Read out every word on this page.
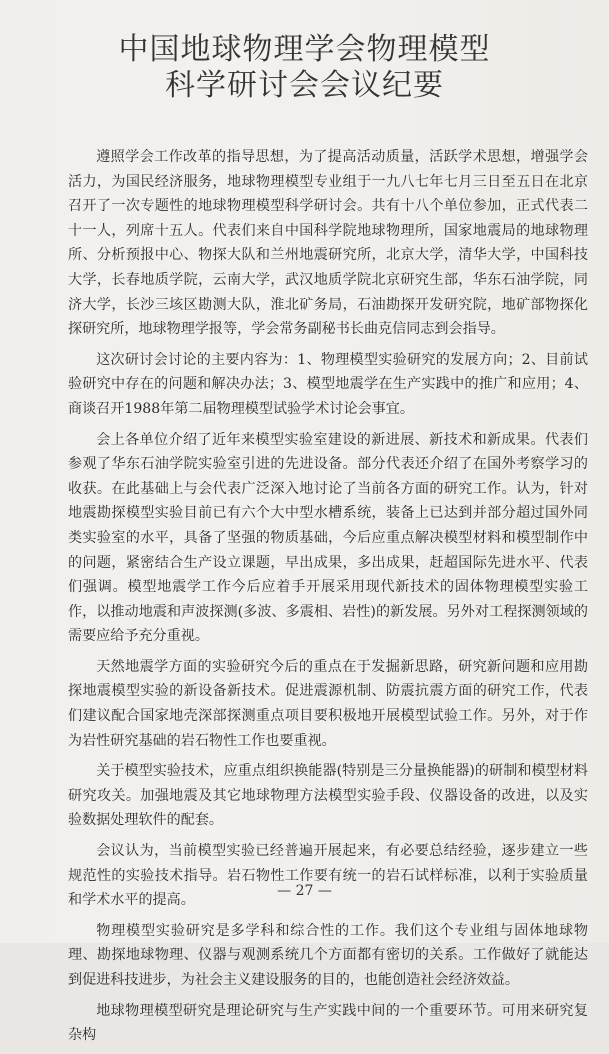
中国地球物理学会物理模型
科学研讨会会议纪要

遵照学会工作改革的指导思想，为了提高活动质量，活跃学术思想，增强学会活力，为国民经济服务，地球物理模型专业组于一九八七年七月三日至五日在北京召开了一次专题性的地球物理模型科学研讨会。共有十八个单位参加，正式代表二十一人，列席十五人。代表们来自中国科学院地球物理所，国家地震局的地球物理所、分析预报中心、物探大队和兰州地震研究所，北京大学，清华大学，中国科技大学，长春地质学院，云南大学，武汉地质学院北京研究生部，华东石油学院，同济大学，长沙三垓区勘测大队，淮北矿务局，石油勘探开发研究院，地矿部物探化探研究所，地球物理学报等，学会常务副秘书长曲克信同志到会指导。

这次研讨会讨论的主要内容为：1、物理模型实验研究的发展方向；2、目前试验研究中存在的问题和解决办法；3、模型地震学在生产实践中的推广和应用；4、商谈召开1988年第二届物理模型试验学术讨论会事宜。

会上各单位介绍了近年来模型实验室建设的新进展、新技术和新成果。代表们参观了华东石油学院实验室引进的先进设备。部分代表还介绍了在国外考察学习的收获。在此基础上与会代表广泛深入地讨论了当前各方面的研究工作。认为，针对地震勘探模型实验目前已有六个大中型水槽系统，装备上已达到并部分超过国外同类实验室的水平，具备了坚强的物质基础，今后应重点解决模型材料和模型制作中的问题，紧密结合生产设立课题，早出成果，多出成果，赶超国际先进水平、代表们强调。模型地震学工作今后应着手开展采用现代新技术的固体物理模型实验工作，以推动地震和声波探测(多波、多震相、岩性)的新发展。另外对工程探测领域的需要应给予充分重视。

天然地震学方面的实验研究今后的重点在于发掘新思路，研究新问题和应用勘探地震模型实验的新设备新技术。促进震源机制、防震抗震方面的研究工作，代表们建议配合国家地壳深部探测重点项目要积极地开展模型试验工作。另外，对于作为岩性研究基础的岩石物性工作也要重视。

关于模型实验技术，应重点组织换能器(特别是三分量换能器)的研制和模型材料研究攻关。加强地震及其它地球物理方法模型实验手段、仪器设备的改进，以及实验数据处理软件的配套。

会议认为，当前模型实验已经普遍开展起来，有必要总结经验，逐步建立一些规范性的实验技术指导。岩石物性工作要有统一的岩石试样标准，以利于实验质量和学术水平的提高。

物理模型实验研究是多学科和综合性的工作。我们这个专业组与固体地球物理、勘探地球物理、仪器与观测系统几个方面都有密切的关系。工作做好了就能达到促进科技进步，为社会主义建设服务的目的，也能创造社会经济效益。

地球物理模型研究是理论研究与生产实践中间的一个重要环节。可用来研究复杂构

— 27 —
